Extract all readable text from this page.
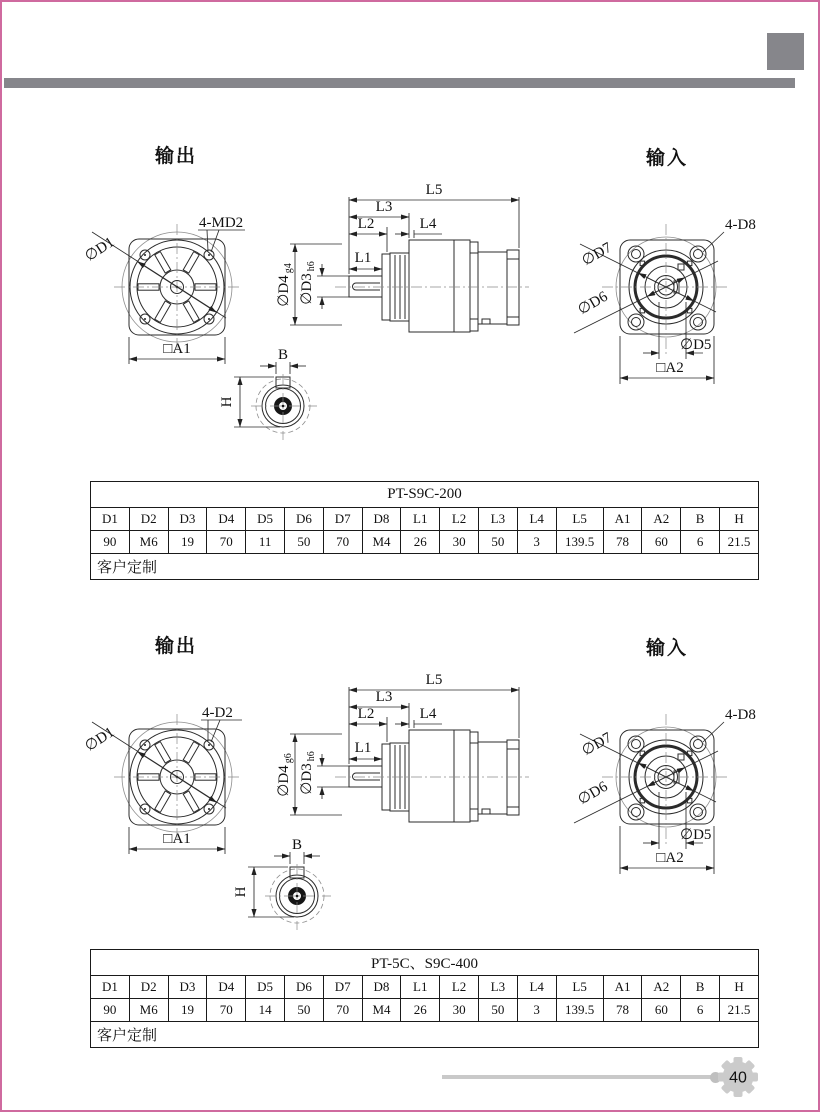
输出	输入
4-MD2
∅D1
□A1
L5
L3
L2	L4
L1
$\emptyset D4_{g4}$
$\emptyset D3_{h6}$
∅D5
□A2
4-D8
∅D7
∅D6
B
H
输出	输入
4-D2
∅D1
□A1
L5
L3
L2	L4
L1
$\emptyset D4_{g6}$
$\emptyset D3_{h6}$
∅D5
□A2
4-D8
∅D7
∅D6
B
H
PT-S9C-200																
D1	D2	D3	D4	D5	D6	D7	D8	L1	L2	L3	L4	L5	A1	A2	B	H
90	M6	19	70	11	50	70	M4	26	30	50	3	139.5	78	60	6	21.5
客户定制																
PT-5C、S9C-400																
D1	D2	D3	D4	D5	D6	D7	D8	L1	L2	L3	L4	L5	A1	A2	B	H
90	M6	19	70	14	50	70	M4	26	30	50	3	139.5	78	60	6	21.5
客户定制																
40
